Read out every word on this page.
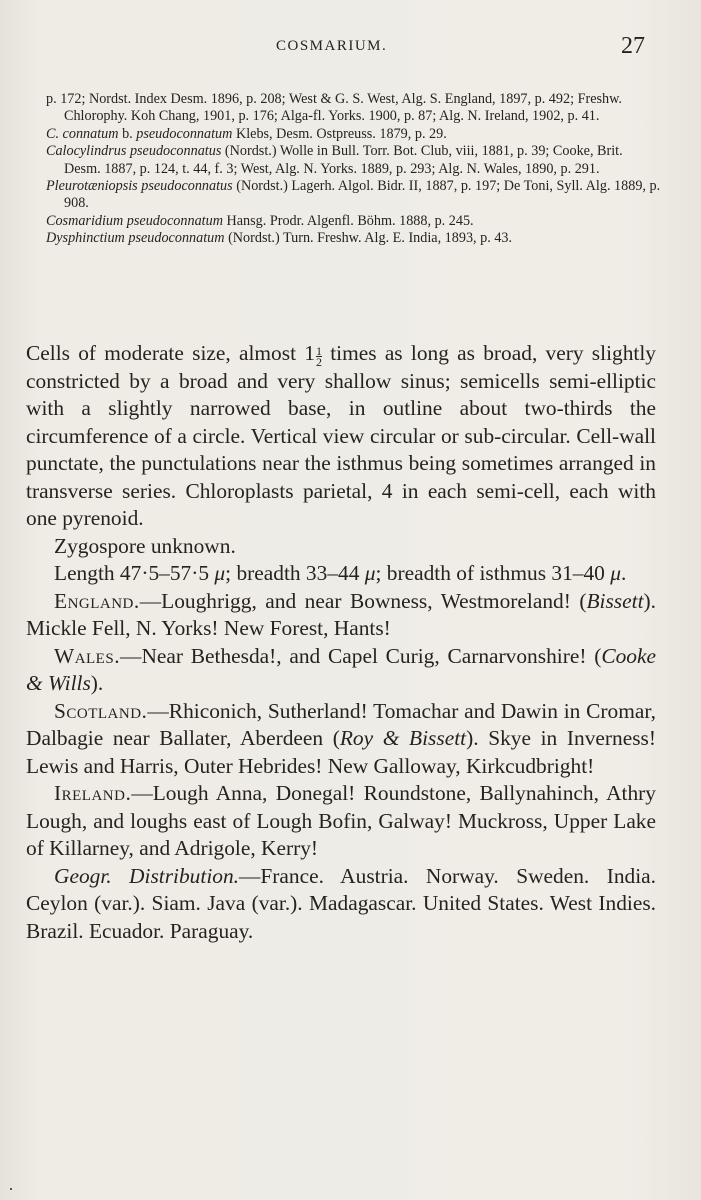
COSMARIUM.	27

p. 172; Nordst. Index Desm. 1896, p. 208; West & G. S. West, Alg. S. England, 1897, p. 492; Freshw. Chlorophy. Koh Chang, 1901, p. 176; Alga-fl. Yorks. 1900, p. 87; Alg. N. Ireland, 1902, p. 41.

C. connatum b. pseudoconnatum Klebs, Desm. Ostpreuss. 1879, p. 29.

Calocylindrus pseudoconnatus (Nordst.) Wolle in Bull. Torr. Bot. Club, viii, 1881, p. 39; Cooke, Brit. Desm. 1887, p. 124, t. 44, f. 3; West, Alg. N. Yorks. 1889, p. 293; Alg. N. Wales, 1890, p. 291.

Pleurotæniopsis pseudoconnatus (Nordst.) Lagerh. Algol. Bidr. II, 1887, p. 197; De Toni, Syll. Alg. 1889, p. 908.

Cosmaridium pseudoconnatum Hansg. Prodr. Algenfl. Böhm. 1888, p. 245.

Dysphinctium pseudoconnatum (Nordst.) Turn. Freshw. Alg. E. India, 1893, p. 43.

Cells of moderate size, almost $1 \frac{1}{2}$ times as long as broad, very slightly constricted by a broad and very shallow sinus; semicells semi-elliptic with a slightly narrowed base, in outline about two-thirds the circumference of a circle. Vertical view circular or sub-circular. Cell-wall punctate, the punctulations near the isthmus being sometimes arranged in transverse series. Chloroplasts parietal, 4 in each semi-cell, each with one pyrenoid.

Zygospore unknown.

Length 47·5–57·5 μ; breadth 33–44 μ; breadth of isthmus 31–40 μ.

England.—Loughrigg, and near Bowness, Westmoreland! (Bissett). Mickle Fell, N. Yorks! New Forest, Hants!

Wales.—Near Bethesda!, and Capel Curig, Carnarvonshire! (Cooke & Wills).

Scotland.—Rhiconich, Sutherland! Tomachar and Dawin in Cromar, Dalbagie near Ballater, Aberdeen (Roy & Bissett). Skye in Inverness! Lewis and Harris, Outer Hebrides! New Galloway, Kirkcudbright!

Ireland.—Lough Anna, Donegal! Roundstone, Ballynahinch, Athry Lough, and loughs east of Lough Bofin, Galway! Muckross, Upper Lake of Killarney, and Adrigole, Kerry!

Geogr. Distribution.—France. Austria. Norway. Sweden. India. Ceylon (var.). Siam. Java (var.). Madagascar. United States. West Indies. Brazil. Ecuador. Paraguay.
